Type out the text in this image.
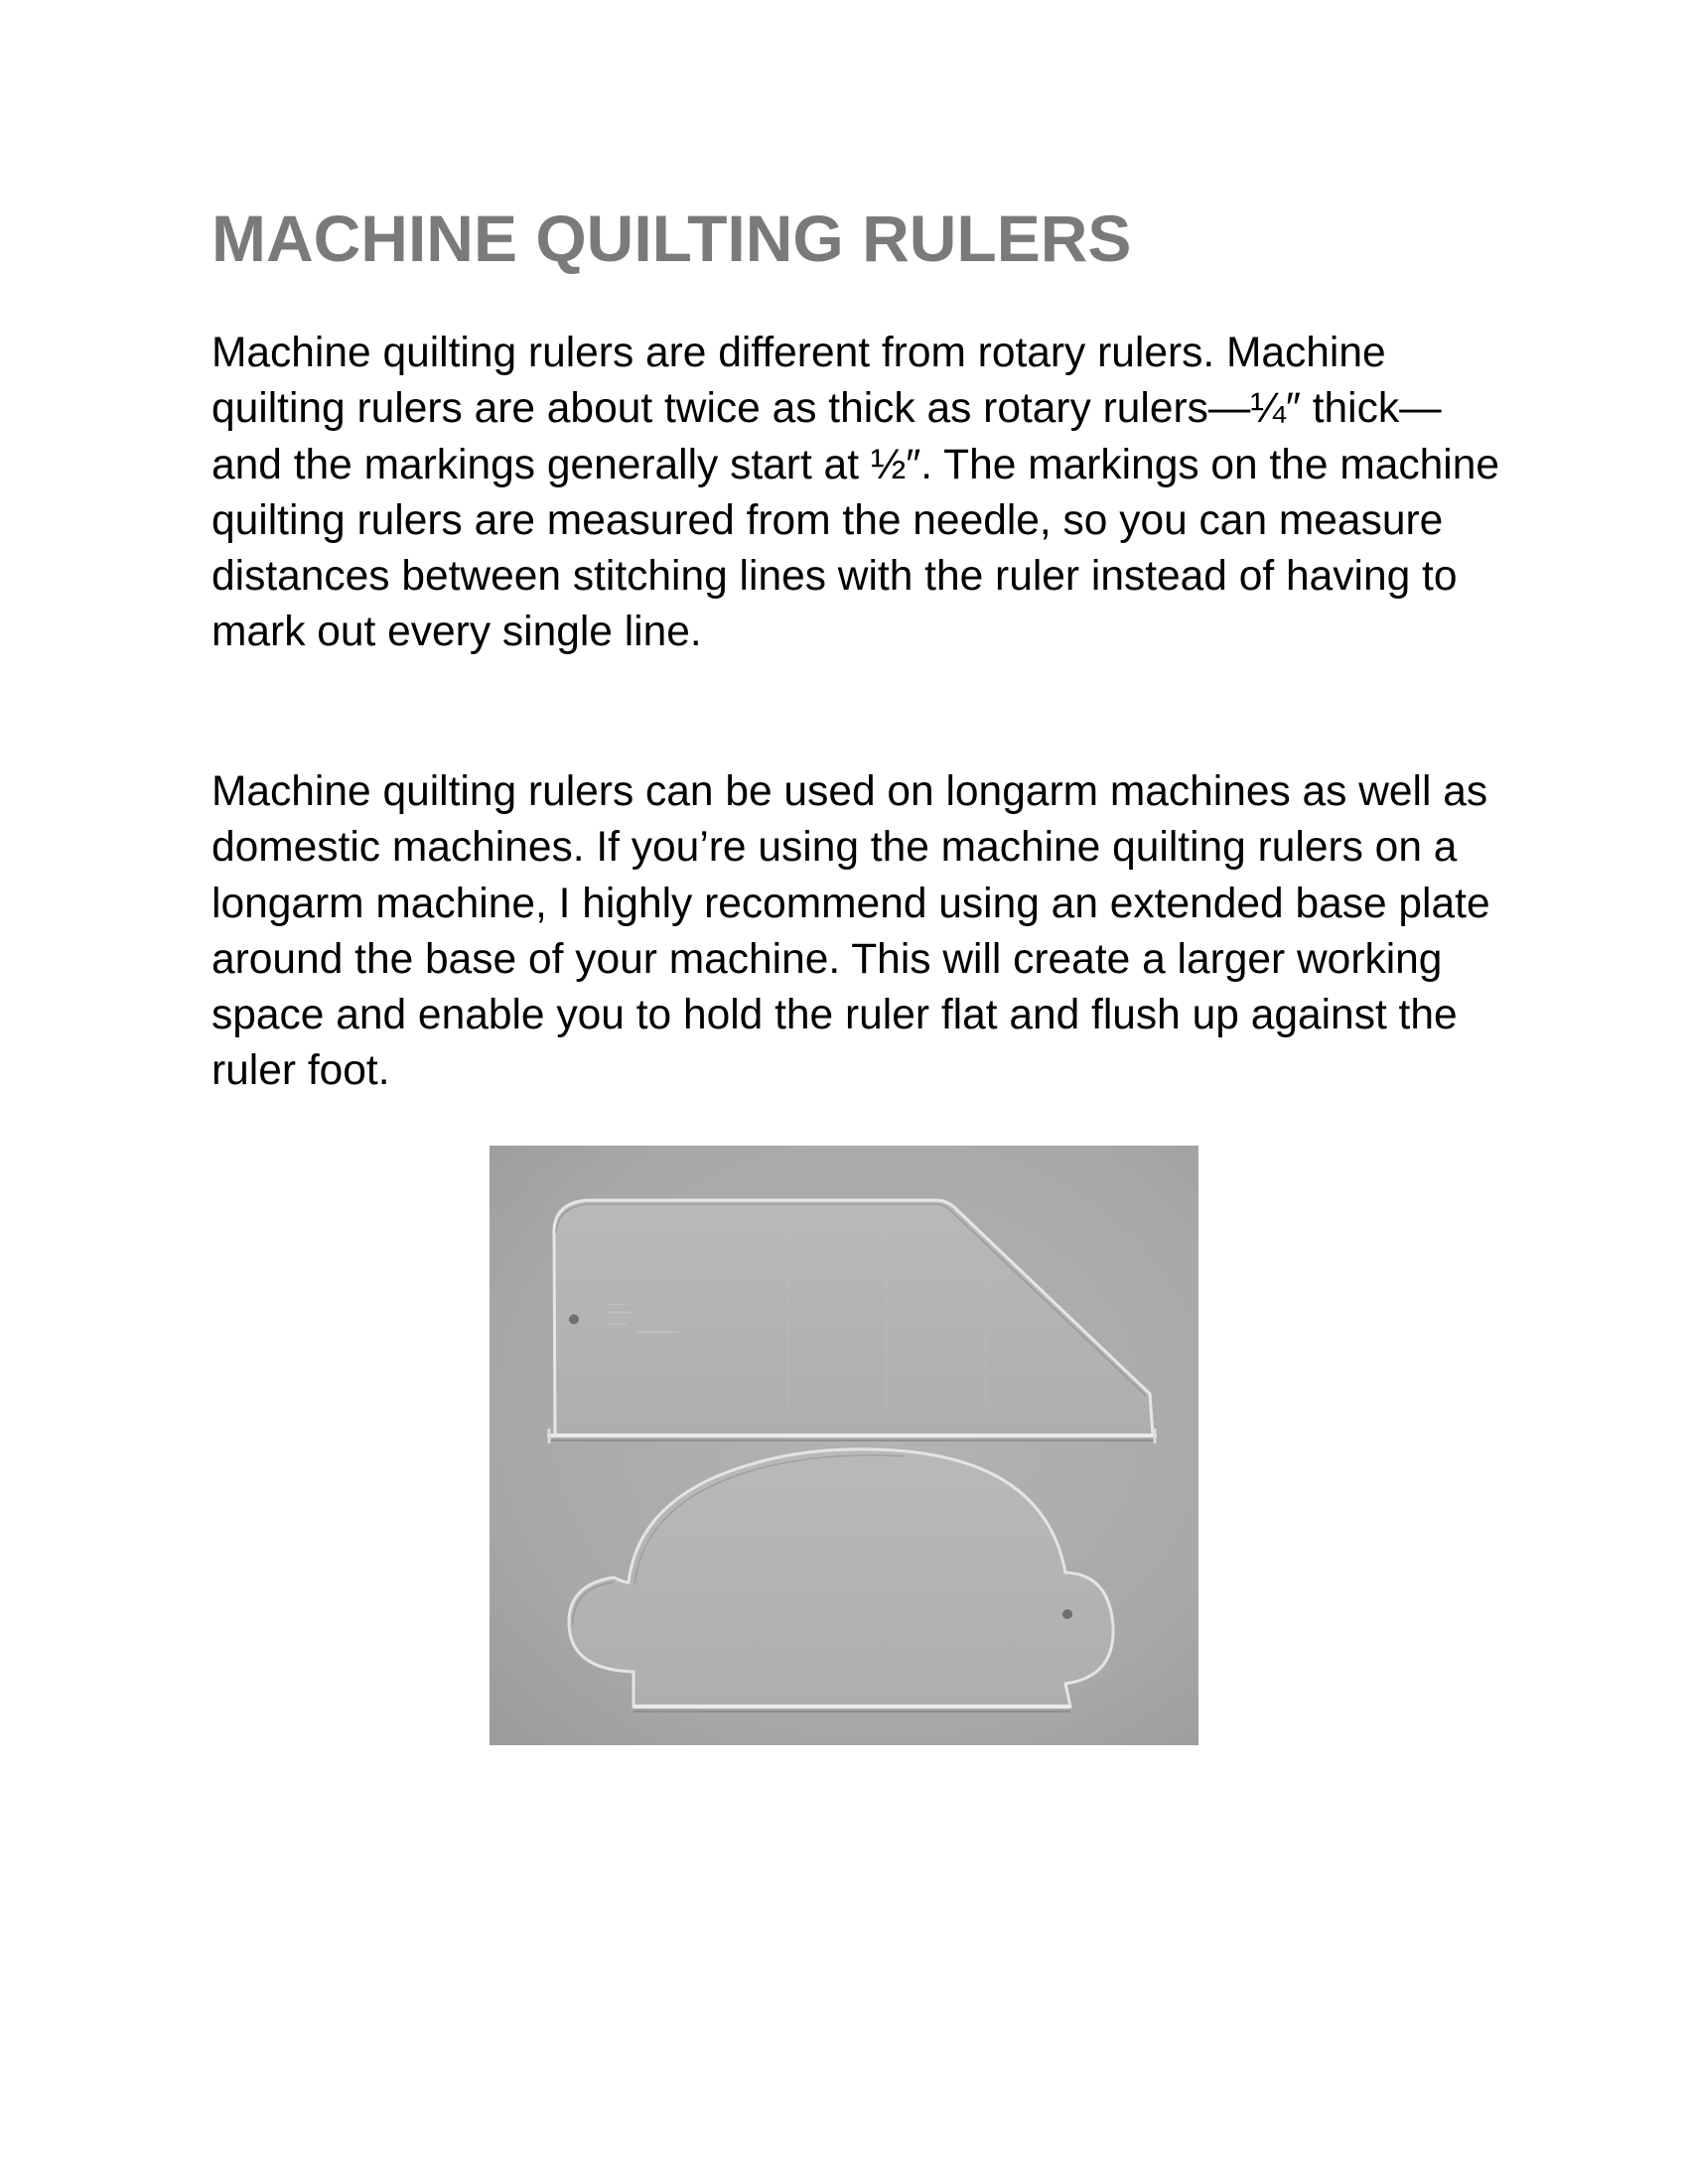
MACHINE QUILTING RULERS

Machine quilting rulers are different from rotary rulers. Machine quilting rulers are about twice as thick as rotary rulers—¼″ thick—and the markings generally start at ½″. The markings on the machine quilting rulers are measured from the needle, so you can measure distances between stitching lines with the ruler instead of having to mark out every single line.

Machine quilting rulers can be used on longarm machines as well as domestic machines. If you’re using the machine quilting rulers on a longarm machine, I highly recommend using an extended base plate around the base of your machine. This will create a larger working space and enable you to hold the ruler flat and flush up against the ruler foot.
